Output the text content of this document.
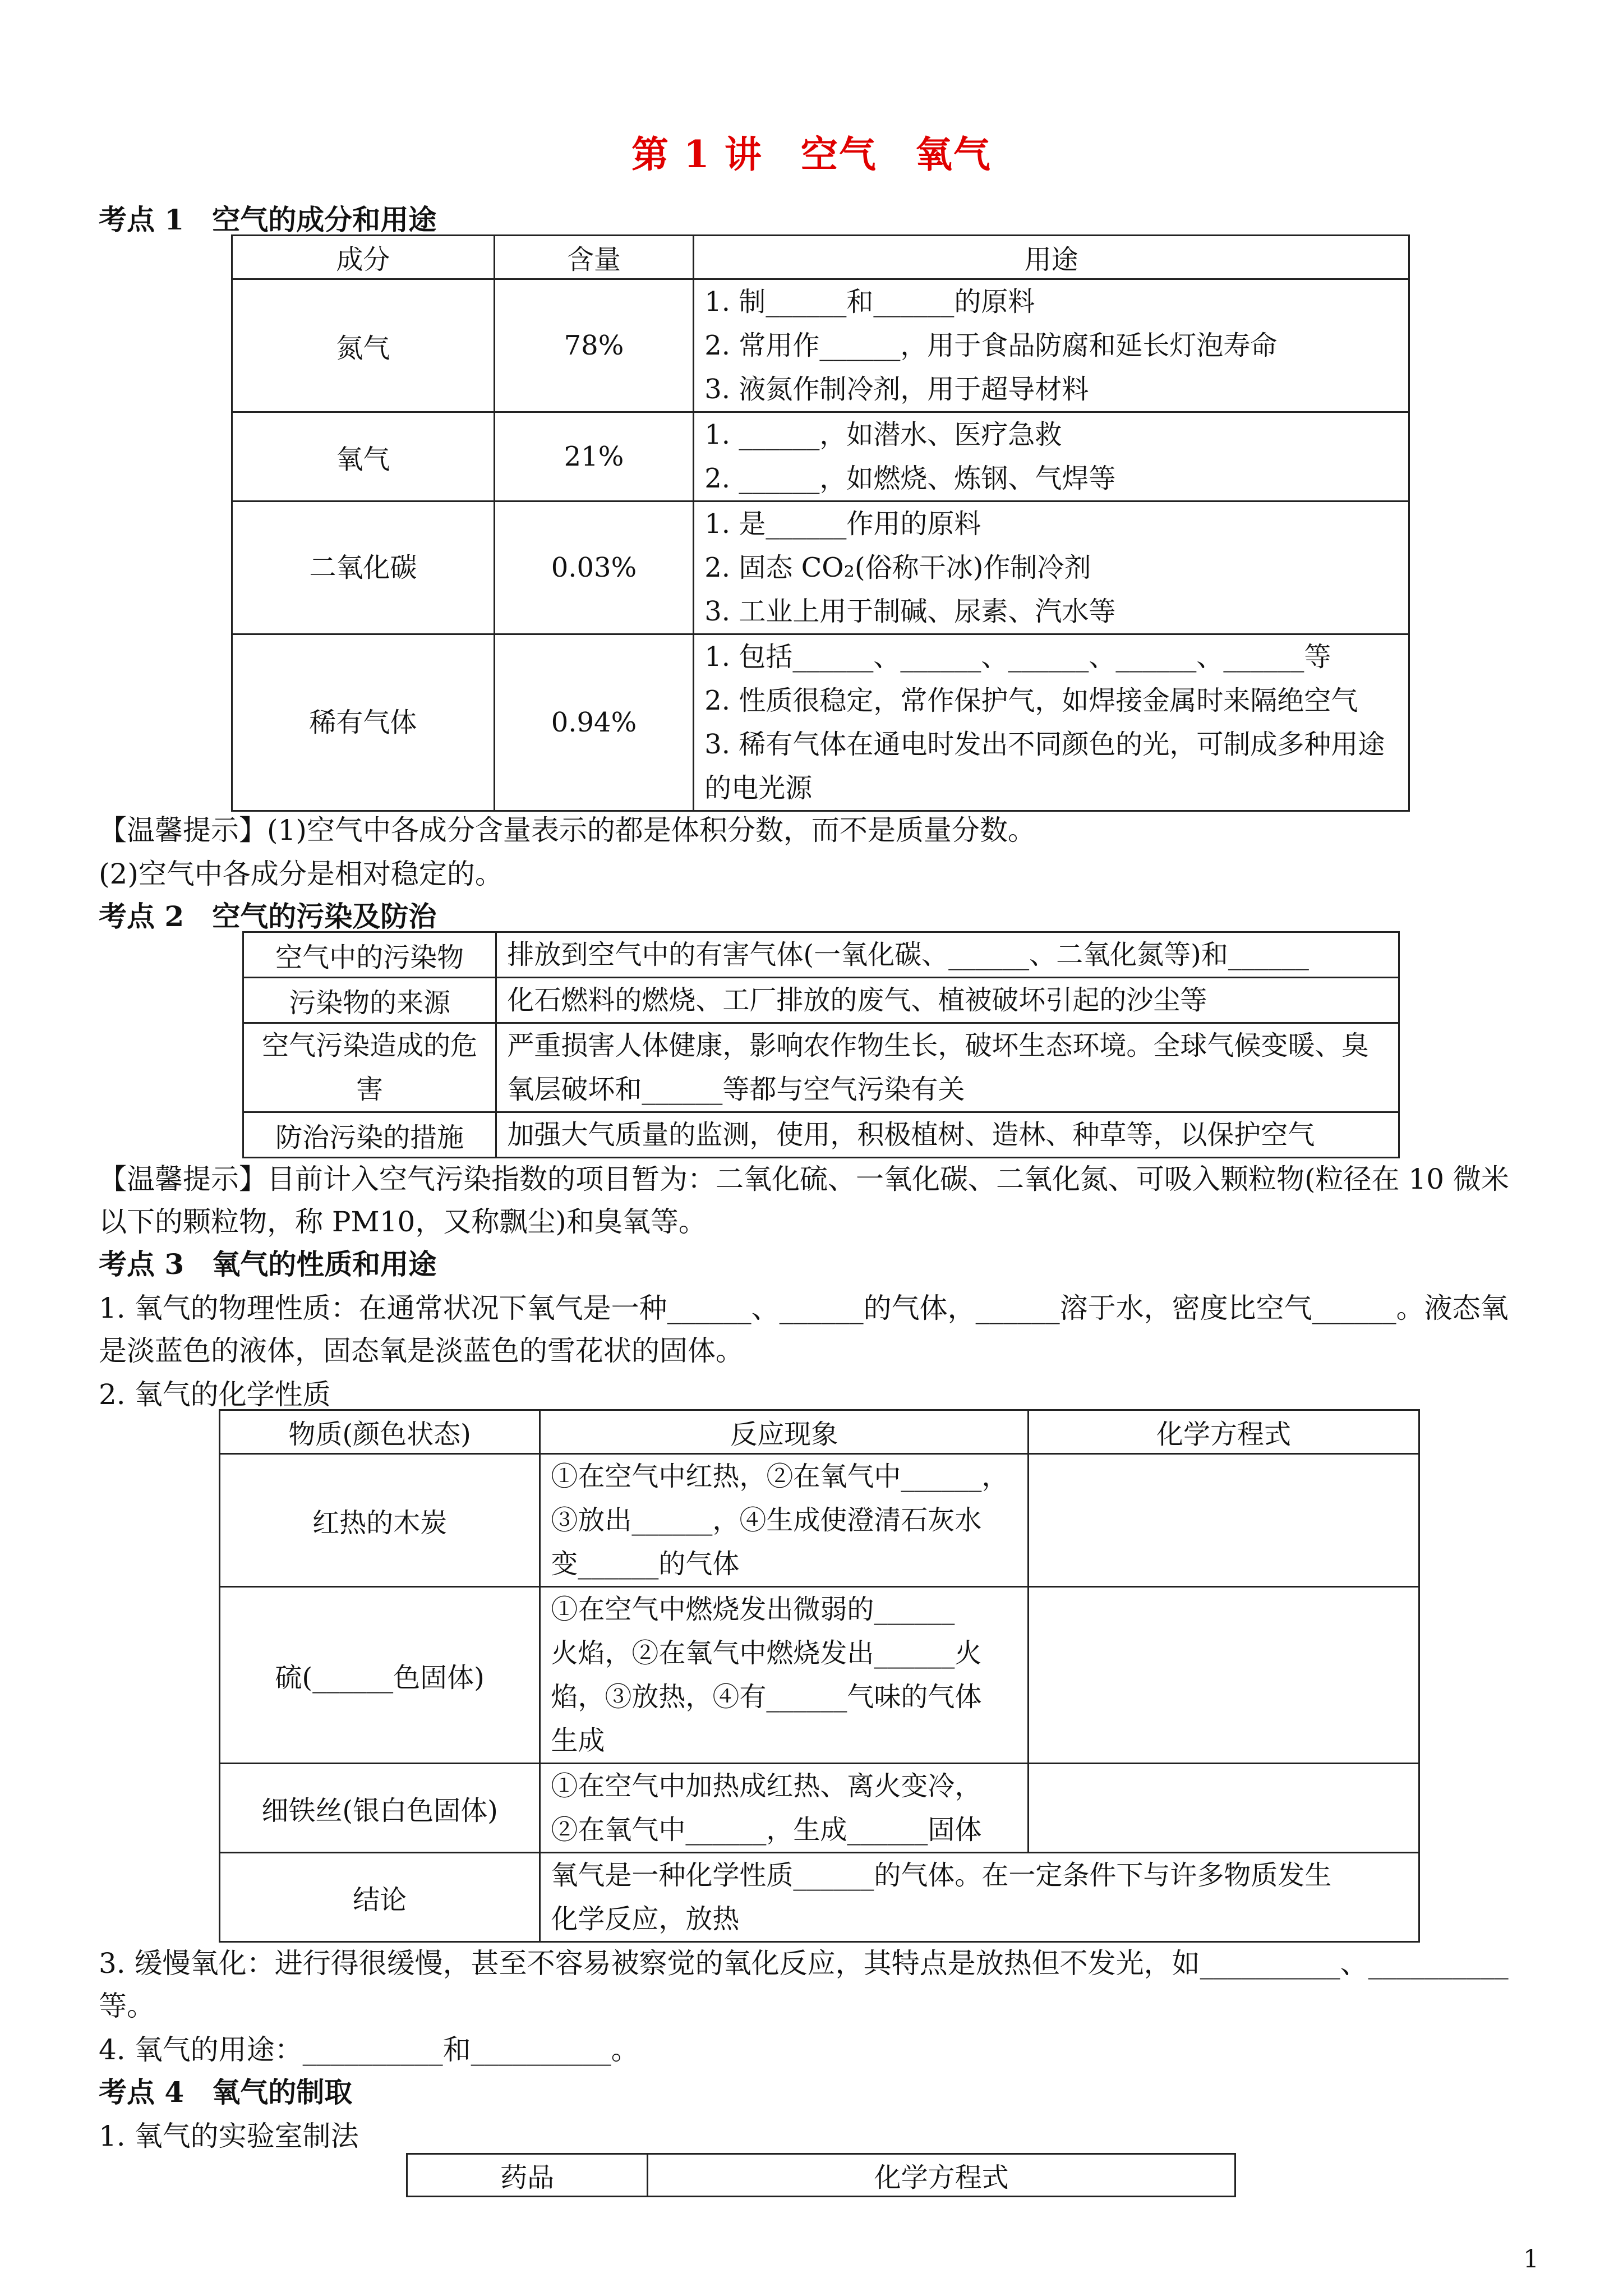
第 1 讲　空气　氧气
考点 1　空气的成分和用途
成分	含量	用途
氮气	78%	1. 制______和______的原料
2. 常用作______，用于食品防腐和延长灯泡寿命
3. 液氮作制冷剂，用于超导材料

氧气	21%	1. ______，如潜水、医疗急救
2. ______，如燃烧、炼钢、气焊等

二氧化碳	0.03%	1. 是______作用的原料
2. 固态 CO₂(俗称干冰)作制冷剂
3. 工业上用于制碱、尿素、汽水等

稀有气体	0.94%	1. 包括______、______、______、______、______等
2. 性质很稳定，常作保护气，如焊接金属时来隔绝空气
3. 稀有气体在通电时发出不同颜色的光，可制成多种用途的电光源
【温馨提示】(1)空气中各成分含量表示的都是体积分数，而不是质量分数。
(2)空气中各成分是相对稳定的。
考点 2　空气的污染及防治
空气中的污染物	排放到空气中的有害气体(一氧化碳、______、二氧化氮等)和______
污染物的来源	化石燃料的燃烧、工厂排放的废气、植被破坏引起的沙尘等
空气污染造成的危害	严重损害人体健康，影响农作物生长，破坏生态环境。全球气候变暖、臭氧层破坏和______等都与空气污染有关
防治污染的措施	加强大气质量的监测，使用，积极植树、造林、种草等，以保护空气
【温馨提示】目前计入空气污染指数的项目暂为：二氧化硫、一氧化碳、二氧化氮、可吸入颗粒物(粒径在 10 微米
以下的颗粒物，称 PM10，又称飘尘)和臭氧等。
考点 3　氧气的性质和用途
1. 氧气的物理性质：在通常状况下氧气是一种______、______的气体，______溶于水，密度比空气______。液态氧
是淡蓝色的液体，固态氧是淡蓝色的雪花状的固体。
2. 氧气的化学性质
物质(颜色状态)	反应现象	化学方程式
红热的木炭	①在空气中红热，②在氧气中______，
③放出______，④生成使澄清石灰水
变______的气体	

硫(______色固体)	①在空气中燃烧发出微弱的______
火焰，②在氧气中燃烧发出______火
焰，③放热，④有______气味的气体
生成	

细铁丝(银白色固体)	①在空气中加热成红热、离火变冷，
②在氧气中______，生成______固体	

结论	氧气是一种化学性质______的气体。在一定条件下与许多物质发生
化学反应，放热	
3. 缓慢氧化：进行得很缓慢，甚至不容易被察觉的氧化反应，其特点是放热但不发光，如__________、__________
等。
4. 氧气的用途：__________和__________。
考点 4　氧气的制取
1. 氧气的实验室制法
药品	化学方程式
1
